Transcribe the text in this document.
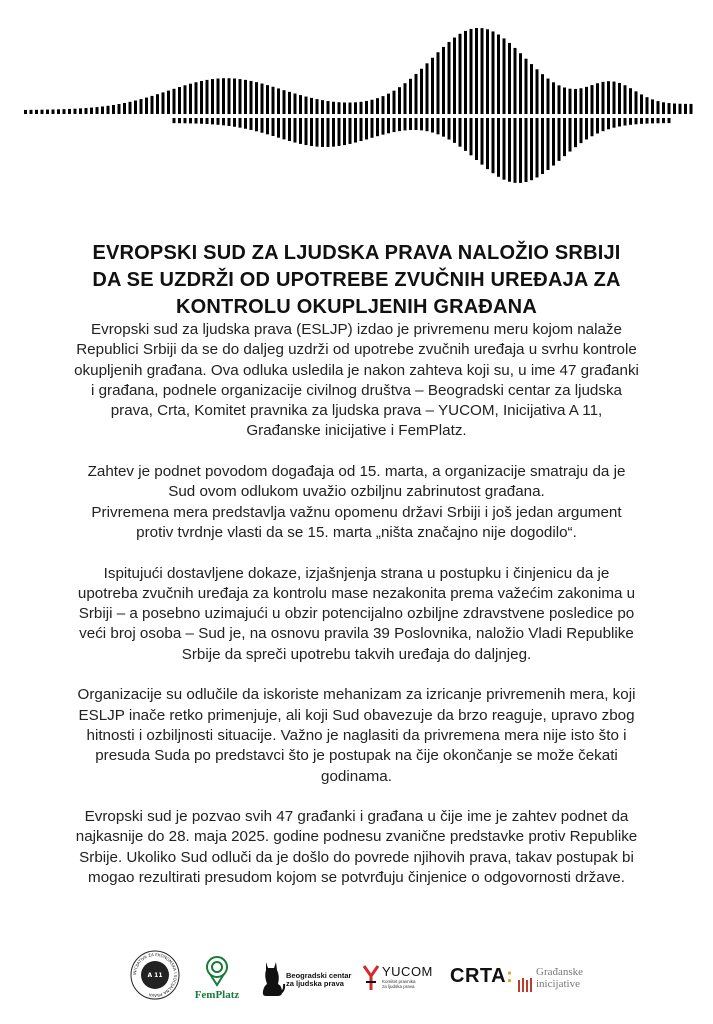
EVROPSKI SUD ZA LJUDSKA PRAVA NALOŽIO SRBIJI
DA SE UZDRŽI OD UPOTREBE ZVUČNIH UREĐAJA ZA
KONTROLU OKUPLJENIH GRAĐANA
Evropski sud za ljudska prava (ESLJP) izdao je privremenu meru kojom nalaže
Republici Srbiji da se do daljeg uzdrži od upotrebe zvučnih uređaja u svrhu kontrole
okupljenih građana. Ova odluka usledila je nakon zahteva koji su, u ime 47 građanki
i građana, podnele organizacije civilnog društva – Beogradski centar za ljudska
prava, Crta, Komitet pravnika za ljudska prava – YUCOM, Inicijativa A 11,
Građanske inicijative i FemPlatz.
Zahtev je podnet povodom događaja od 15. marta, a organizacije smatraju da je
Sud ovom odlukom uvažio ozbiljnu zabrinutost građana.
Privremena mera predstavlja važnu opomenu državi Srbiji i još jedan argument
protiv tvrdnje vlasti da se 15. marta „ništa značajno nije dogodilo“.
Ispitujući dostavljene dokaze, izjašnjenja strana u postupku i činjenicu da je
upotreba zvučnih uređaja za kontrolu mase nezakonita prema važećim zakonima u
Srbiji – a posebno uzimajući u obzir potencijalno ozbiljne zdravstvene posledice po
veći broj osoba – Sud je, na osnovu pravila 39 Poslovnika, naložio Vladi Republike
Srbije da spreči upotrebu takvih uređaja do daljnjeg.
Organizacije su odlučile da iskoriste mehanizam za izricanje privremenih mera, koji
ESLJP inače retko primenjuje, ali koji Sud obavezuje da brzo reaguje, upravo zbog
hitnosti i ozbiljnosti situacije. Važno je naglasiti da privremena mera nije isto što i
presuda Suda po predstavci što je postupak na čije okončanje se može čekati
godinama.
Evropski sud je pozvao svih 47 građanki i građana u čije ime je zahtev podnet da
najkasnije do 28. maja 2025. godine podnesu zvanične predstavke protiv Republike
Srbije. Ukoliko Sud odluči da je došlo do povrede njihovih prava, takav postupak bi
mogao rezultirati presudom kojom se potvrđuju činjenice o odgovornosti države.
INICIJATIVA ZA EKONOMSKA I SOCIJALNA PRAVA
A 11
FemPlatz
Beogradski centar
za ljudska prava
YUCOM
Komitet pravnika
za ljudska prava CRTA: Građanske
inicijative
